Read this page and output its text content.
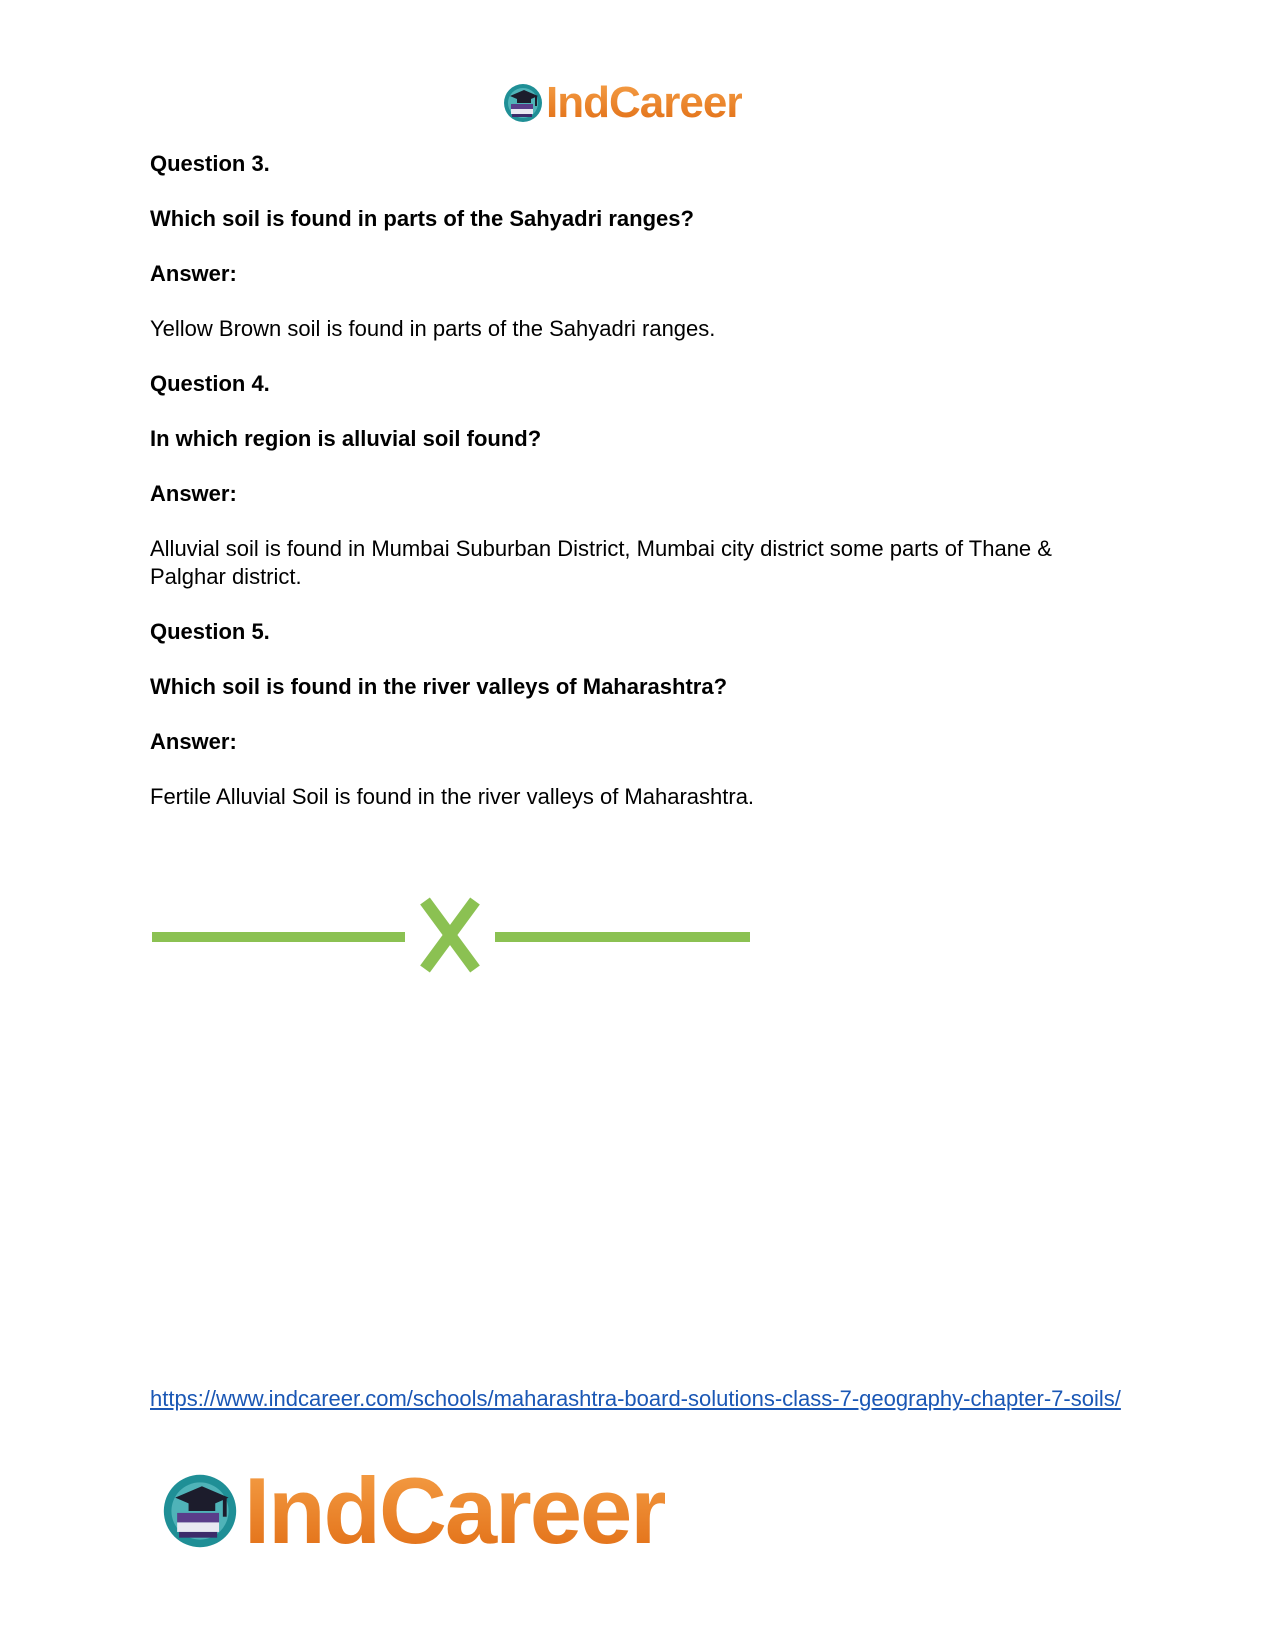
IndCareer

Question 3.

Which soil is found in parts of the Sahyadri ranges?

Answer:

Yellow Brown soil is found in parts of the Sahyadri ranges.

Question 4.

In which region is alluvial soil found?

Answer:

Alluvial soil is found in Mumbai Suburban District, Mumbai city district some parts of Thane & Palghar district.

Question 5.

Which soil is found in the river valleys of Maharashtra?

Answer:

Fertile Alluvial Soil is found in the river valleys of Maharashtra.

https://www.indcareer.com/schools/maharashtra-board-solutions-class-7-geography-chapter-7-soils/
IndCareer
